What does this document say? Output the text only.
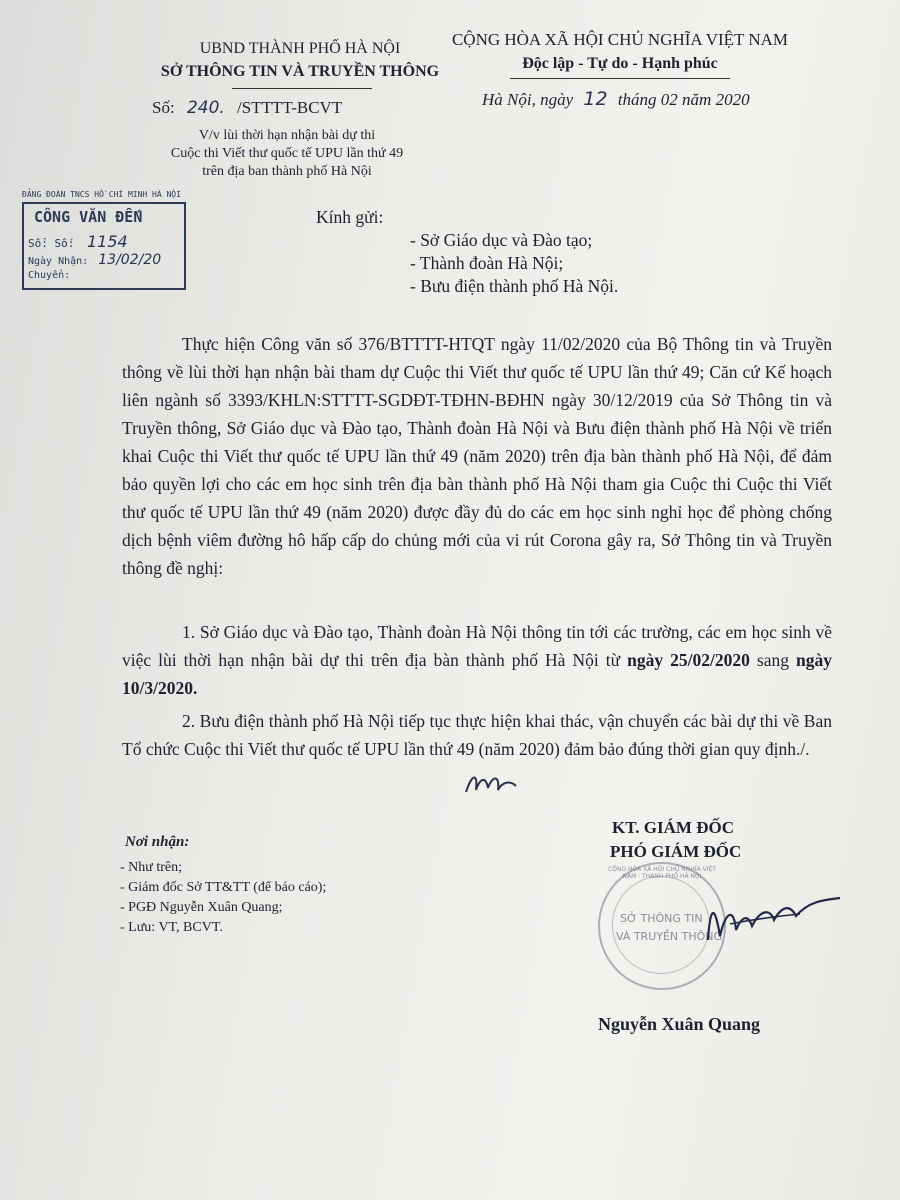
UBND THÀNH PHỐ HÀ NỘI
SỞ THÔNG TIN VÀ TRUYỀN THÔNG
CỘNG HÒA XÃ HỘI CHỦ NGHĨA VIỆT NAM
Độc lập - Tự do - Hạnh phúc
Số: 240. /STTTT-BCVT	Hà Nội, ngày 12 tháng 02 năm 2020
V/v lùi thời hạn nhận bài dự thi
Cuộc thi Viết thư quốc tế UPU lần thứ 49
trên địa ban thành phố Hà Nội
ĐẢNG ĐOÀN TNCS HỒ CHÍ MINH HÀ NỘI
CÔNG VĂN ĐẾN
Sổ: Số: 1154
Ngày Nhận: 13/02/20
Chuyển:
Kính gửi:
- Sở Giáo dục và Đào tạo;
- Thành đoàn Hà Nội;
- Bưu điện thành phố Hà Nội.

Thực hiện Công văn số 376/BTTTT-HTQT ngày 11/02/2020 của Bộ Thông tin và Truyền thông về lùi thời hạn nhận bài tham dự Cuộc thi Viết thư quốc tế UPU lần thứ 49; Căn cứ Kế hoạch liên ngành số 3393/KHLN:STTTT-SGDĐT-TĐHN-BĐHN ngày 30/12/2019 của Sở Thông tin và Truyền thông, Sở Giáo dục và Đào tạo, Thành đoàn Hà Nội và Bưu điện thành phố Hà Nội về triển khai Cuộc thi Viết thư quốc tế UPU lần thứ 49 (năm 2020) trên địa bàn thành phố Hà Nội, để đảm bảo quyền lợi cho các em học sinh trên địa bàn thành phố Hà Nội tham gia Cuộc thi Cuộc thi Viết thư quốc tế UPU lần thứ 49 (năm 2020) được đầy đủ do các em học sinh nghỉ học để phòng chống dịch bệnh viêm đường hô hấp cấp do chủng mới của vi rút Corona gây ra, Sở Thông tin và Truyền thông đề nghị:

1. Sở Giáo dục và Đào tạo, Thành đoàn Hà Nội thông tin tới các trường, các em học sinh về việc lùi thời hạn nhận bài dự thi trên địa bàn thành phố Hà Nội từ ngày 25/02/2020 sang ngày 10/3/2020.

2. Bưu điện thành phố Hà Nội tiếp tục thực hiện khai thác, vận chuyển các bài dự thi về Ban Tổ chức Cuộc thi Viết thư quốc tế UPU lần thứ 49 (năm 2020) đảm bảo đúng thời gian quy định./.

Nơi nhận:
- Như trên;
- Giám đốc Sở TT&TT (để báo cáo);
- PGĐ Nguyễn Xuân Quang;
- Lưu: VT, BCVT.
KT. GIÁM ĐỐC
PHÓ GIÁM ĐỐC
CỘNG HÒA XÃ HỘI CHỦ NGHĨA VIỆT NAM · THÀNH PHỐ HÀ NỘI
SỞ THÔNG TIN
VÀ TRUYỀN THÔNG
Nguyễn Xuân Quang
